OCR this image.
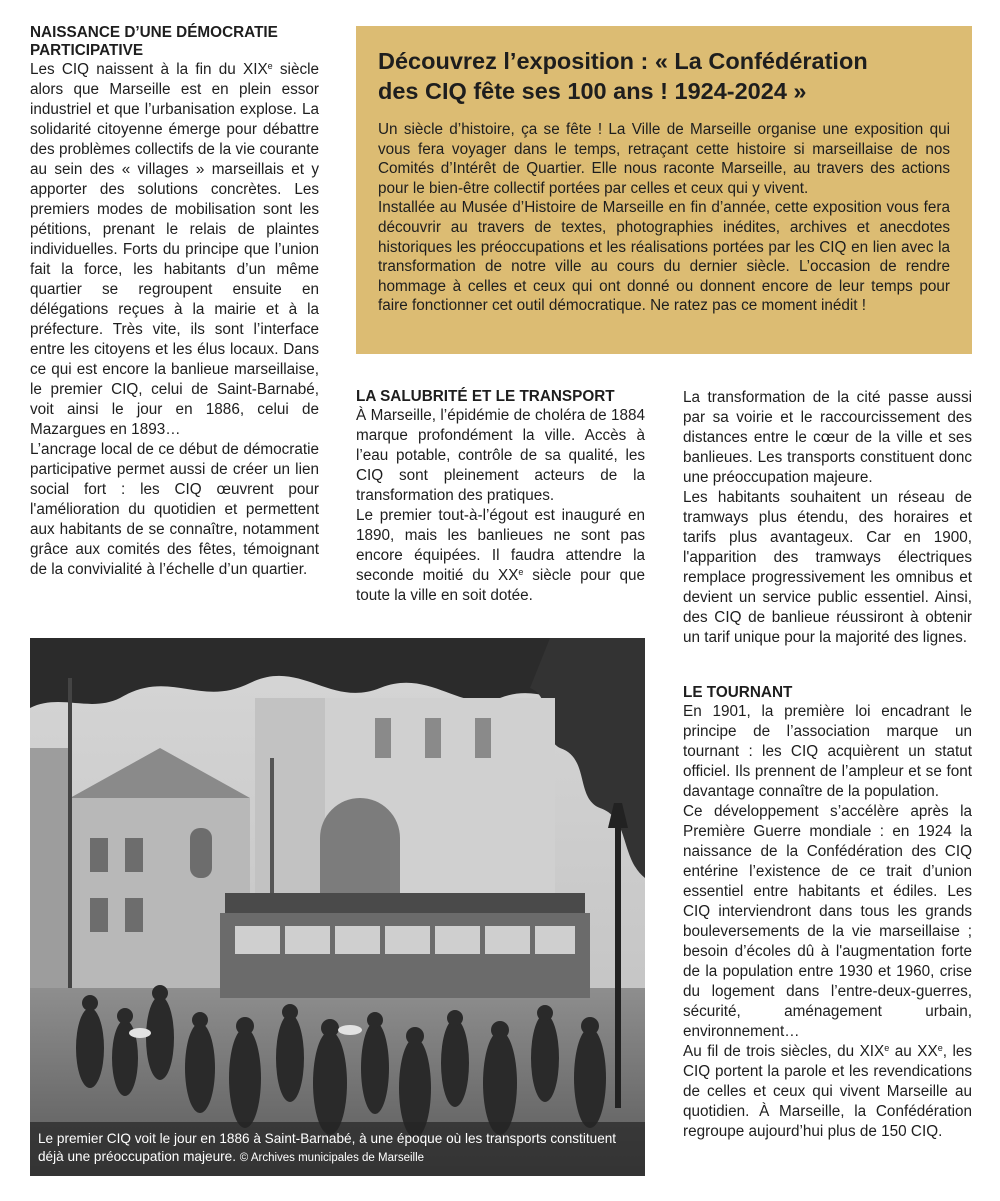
NAISSANCE D’UNE DÉMOCRATIE PARTICIPATIVE

Les CIQ naissent à la fin du XIXe siècle alors que Marseille est en plein essor industriel et que l’urbanisation explose. La solidarité citoyenne émerge pour débattre des problèmes collectifs de la vie courante au sein des « villages » marseillais et y apporter des solutions concrètes. Les premiers modes de mobilisation sont les pétitions, prenant le relais de plaintes individuelles. Forts du principe que l’union fait la force, les habitants d’un même quartier se regroupent ensuite en délégations reçues à la mairie et à la préfecture. Très vite, ils sont l’interface entre les citoyens et les élus locaux. Dans ce qui est encore la banlieue marseillaise, le premier CIQ, celui de Saint-Barnabé, voit ainsi le jour en 1886, celui de Mazargues en 1893…

L’ancrage local de ce début de démocratie participative permet aussi de créer un lien social fort : les CIQ œuvrent pour l'amélioration du quotidien et permettent aux habitants de se connaître, notamment grâce aux comités des fêtes, témoignant de la convivialité à l’échelle d’un quartier.

Découvrez l’exposition : « La Confédération
des CIQ fête ses 100 ans ! 1924-2024 »

Un siècle d’histoire, ça se fête ! La Ville de Marseille organise une exposition qui vous fera voyager dans le temps, retraçant cette histoire si marseillaise de nos Comités d’Intérêt de Quartier. Elle nous raconte Marseille, au travers des actions pour le bien-être collectif portées par celles et ceux qui y vivent.

Installée au Musée d’Histoire de Marseille en fin d’année, cette exposition vous fera découvrir au travers de textes, photographies inédites, archives et anecdotes historiques les préoccupations et les réalisations portées par les CIQ en lien avec la transformation de notre ville au cours du dernier siècle. L’occasion de rendre hommage à celles et ceux qui ont donné ou donnent encore de leur temps pour faire fonctionner cet outil démocratique. Ne ratez pas ce moment inédit !

LA SALUBRITÉ ET LE TRANSPORT

À Marseille, l’épidémie de choléra de 1884 marque profondément la ville. Accès à l’eau potable, contrôle de sa qualité, les CIQ sont pleinement acteurs de la transformation des pratiques.

Le premier tout-à-l’égout est inauguré en 1890, mais les banlieues ne sont pas encore équipées. Il faudra attendre la seconde moitié du XXe siècle pour que toute la ville en soit dotée.

La transformation de la cité passe aussi par sa voirie et le raccourcissement des distances entre le cœur de la ville et ses banlieues. Les transports constituent donc une préoccupation majeure.

Les habitants souhaitent un réseau de tramways plus étendu, des horaires et tarifs plus avantageux. Car en 1900, l'apparition des tramways électriques remplace progressivement les omnibus et devient un service public essentiel. Ainsi, des CIQ de banlieue réussiront à obtenir un tarif unique pour la majorité des lignes.

LE TOURNANT

En 1901, la première loi encadrant le principe de l’association marque un tournant : les CIQ acquièrent un statut officiel. Ils prennent de l’ampleur et se font davantage connaître de la population.

Ce développement s’accélère après la Première Guerre mondiale : en 1924 la naissance de la Confédération des CIQ entérine l’existence de ce trait d’union essentiel entre habitants et édiles. Les CIQ interviendront dans tous les grands bouleversements de la vie marseillaise ; besoin d’écoles dû à l'augmentation forte de la population entre 1930 et 1960, crise du logement dans l’entre-deux-guerres, sécurité, aménagement urbain, environnement…

Au fil de trois siècles, du XIXe au XXe, les CIQ portent la parole et les revendications de celles et ceux qui vivent Marseille au quotidien. À Marseille, la Confédération regroupe aujourd’hui plus de 150 CIQ.

Le premier CIQ voit le jour en 1886 à Saint-Barnabé, à une époque où les transports constituent déjà une préoccupation majeure. © Archives municipales de Marseille
